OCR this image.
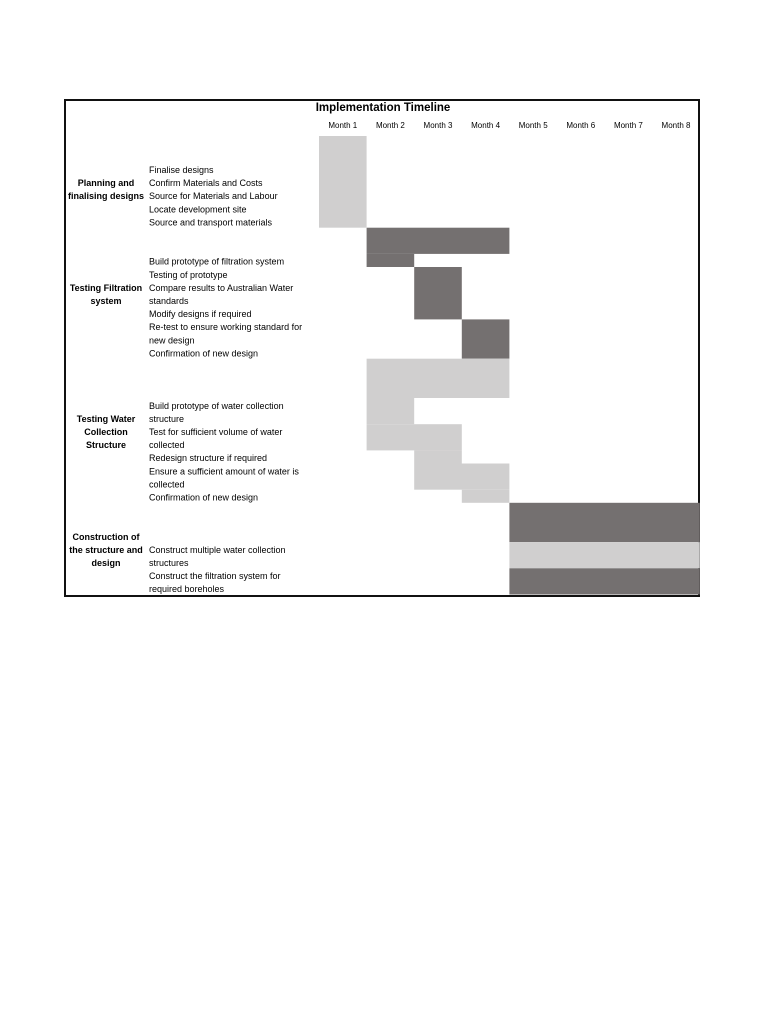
Implementation Timeline
Month 1 Month 2 Month 3 Month 4 Month 5 Month 6 Month 7 Month 8
Planning and
finalising designs
Finalise designs
Confirm Materials and Costs
Source for Materials and Labour
Locate development site
Source and transport materials
Testing Filtration
system
Build prototype of filtration system
Testing of prototype
Compare results to Australian Water
standards
Modify designs if required
Re-test to ensure working standard for
new design
Confirmation of new design
Testing Water
Collection
Structure
Build prototype of water collection
structure
Test for sufficient volume of water
collected
Redesign structure if required
Ensure a sufficient amount of water is
collected
Confirmation of new design
Construction of
the structure and
design
Construct multiple water collection
structures
Construct the filtration system for
required boreholes
